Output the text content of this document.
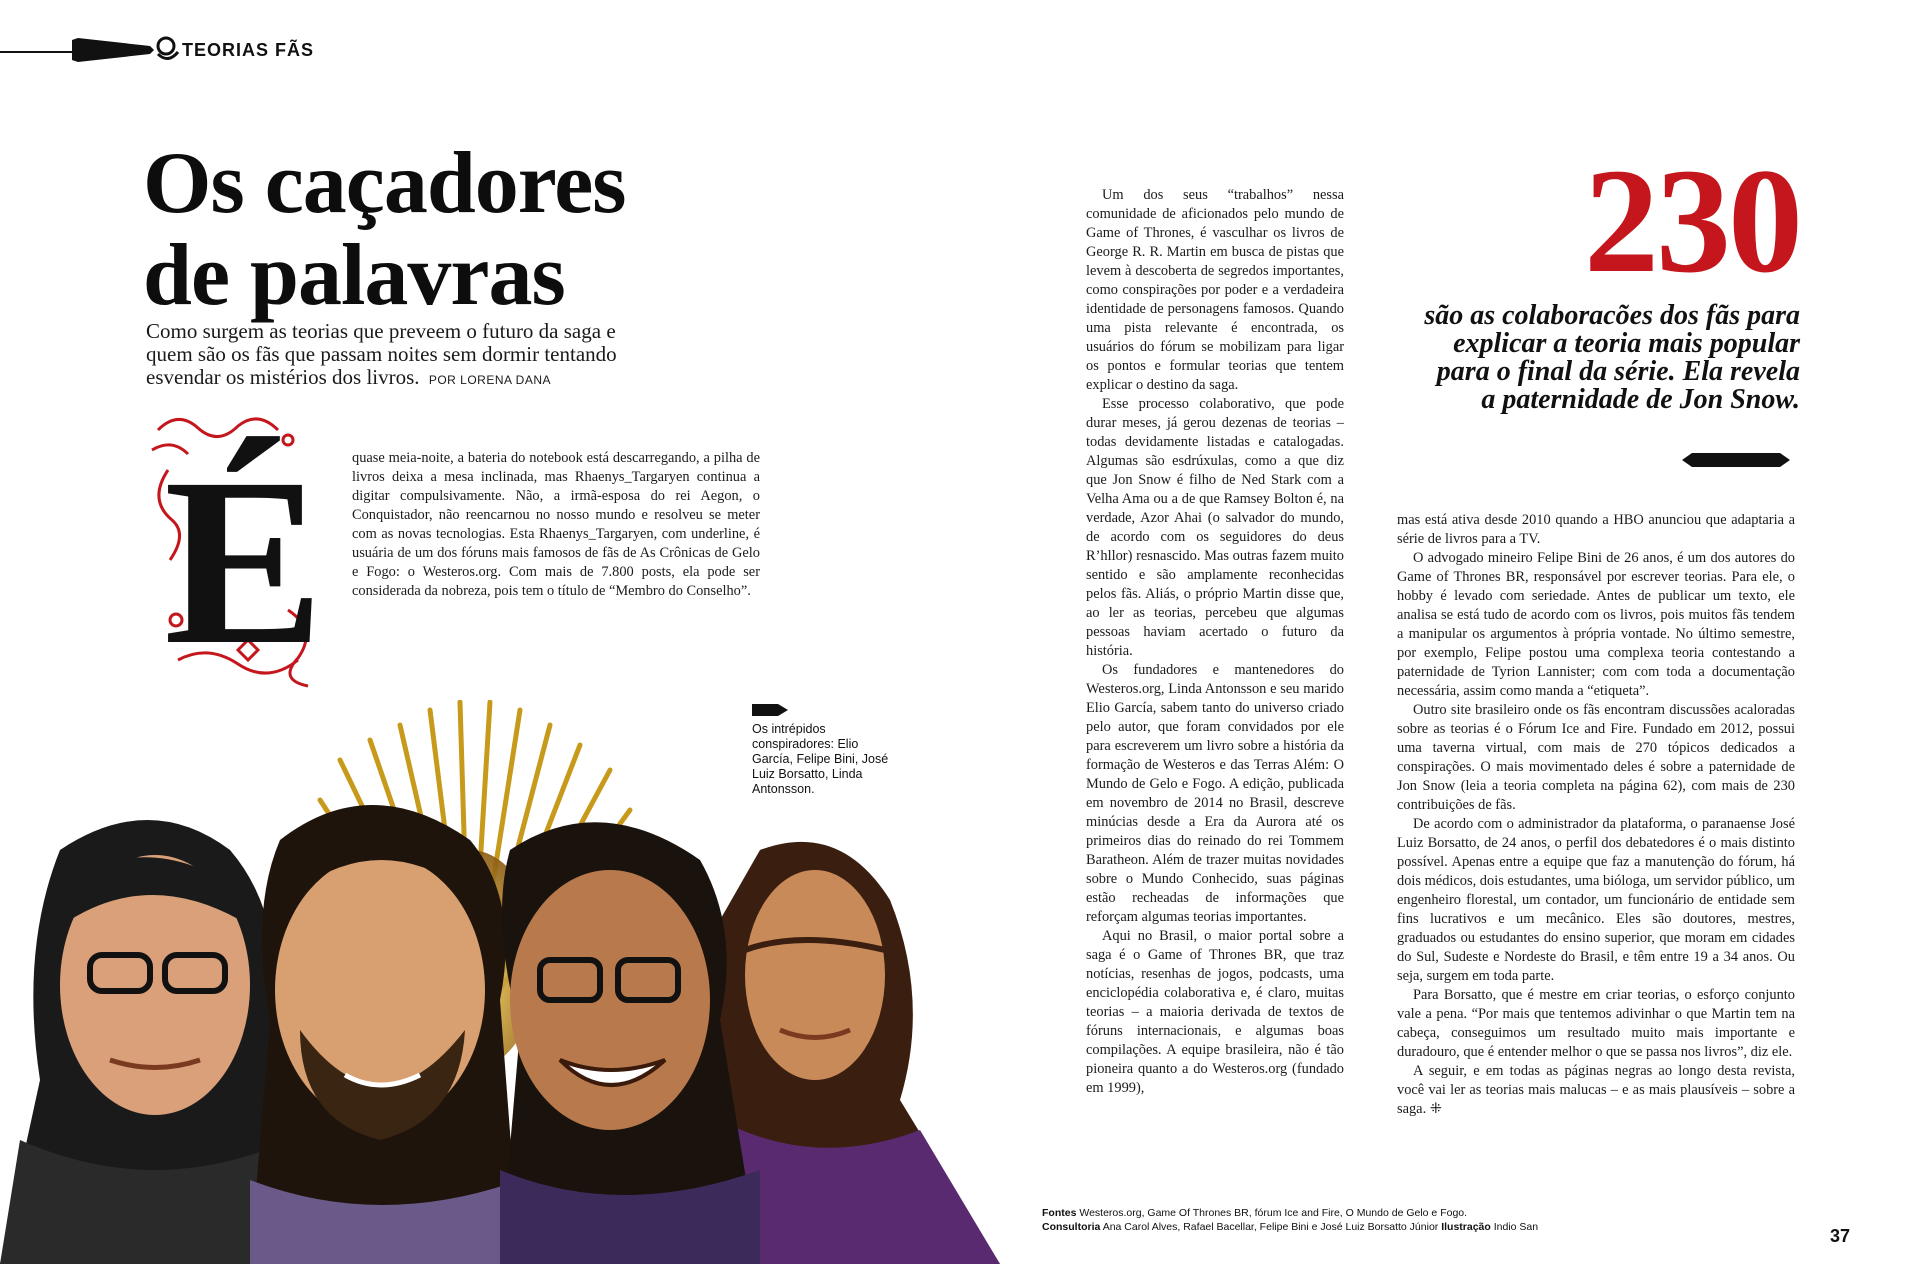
TEORIAS FÃS
Os caçadores
de palavras
Como surgem as teorias que preveem o futuro da saga e quem são os fãs que passam noites sem dormir tentando esvendar os mistérios dos livros. POR LORENA DANA
É quase meia-noite, a bateria do notebook está descarregando, a pilha de livros deixa a mesa inclinada, mas Rhaenys_Targaryen continua a digitar compulsivamente. Não, a irmã-esposa do rei Aegon, o Conquistador, não reencarnou no nosso mundo e resolveu se meter com as novas tecnologias. Esta Rhaenys_Targaryen, com underline, é usuária de um dos fóruns mais famosos de fãs de As Crônicas de Gelo e Fogo: o Westeros.org. Com mais de 7.800 posts, ela pode ser considerada da nobreza, pois tem o título de “Membro do Conselho”.

Os intrépidos conspiradores: Elio García, Felipe Bini, José Luiz Borsatto, Linda Antonsson.

Um dos seus “trabalhos” nessa comunidade de aficionados pelo mundo de Game of Thrones, é vasculhar os livros de George R. R. Martin em busca de pistas que levem à descoberta de segredos importantes, como conspirações por poder e a verdadeira identidade de personagens famosos. Quando uma pista relevante é encontrada, os usuários do fórum se mobilizam para ligar os pontos e formular teorias que tentem explicar o destino da saga.

Esse processo colaborativo, que pode durar meses, já gerou dezenas de teorias – todas devidamente listadas e catalogadas. Algumas são esdrúxulas, como a que diz que Jon Snow é filho de Ned Stark com a Velha Ama ou a de que Ramsey Bolton é, na verdade, Azor Ahai (o salvador do mundo, de acordo com os seguidores do deus R’hllor) resnascido. Mas outras fazem muito sentido e são amplamente reconhecidas pelos fãs. Aliás, o próprio Martin disse que, ao ler as teorias, percebeu que algumas pessoas haviam acertado o futuro da história.

Os fundadores e mantenedores do Westeros.org, Linda Antonsson e seu marido Elio García, sabem tanto do universo criado pelo autor, que foram convidados por ele para escreverem um livro sobre a história da formação de Westeros e das Terras Além: O Mundo de Gelo e Fogo. A edição, publicada em novembro de 2014 no Brasil, descreve minúcias desde a Era da Aurora até os primeiros dias do reinado do rei Tommem Baratheon. Além de trazer muitas novidades sobre o Mundo Conhecido, suas páginas estão recheadas de informações que reforçam algumas teorias importantes.

Aqui no Brasil, o maior portal sobre a saga é o Game of Thrones BR, que traz notícias, resenhas de jogos, podcasts, uma enciclopédia colaborativa e, é claro, muitas teorias – a maioria derivada de textos de fóruns internacionais, e algumas boas compilações. A equipe brasileira, não é tão pioneira quanto a do Westeros.org (fundado em 1999),

230
são as colaboracões dos fãs para explicar a teoria mais popular para o final da série. Ela revela a paternidade de Jon Snow.

mas está ativa desde 2010 quando a HBO anunciou que adaptaria a série de livros para a TV.

O advogado mineiro Felipe Bini de 26 anos, é um dos autores do Game of Thrones BR, responsável por escrever teorias. Para ele, o hobby é levado com seriedade. Antes de publicar um texto, ele analisa se está tudo de acordo com os livros, pois muitos fãs tendem a manipular os argumentos à própria vontade. No último semestre, por exemplo, Felipe postou uma complexa teoria contestando a paternidade de Tyrion Lannister; com com toda a documentação necessária, assim como manda a “etiqueta”.

Outro site brasileiro onde os fãs encontram discussões acaloradas sobre as teorias é o Fórum Ice and Fire. Fundado em 2012, possui uma taverna virtual, com mais de 270 tópicos dedicados a conspirações. O mais movimentado deles é sobre a paternidade de Jon Snow (leia a teoria completa na página 62), com mais de 230 contribuições de fãs.

De acordo com o administrador da plataforma, o paranaense José Luiz Borsatto, de 24 anos, o perfil dos debatedores é o mais distinto possível. Apenas entre a equipe que faz a manutenção do fórum, há dois médicos, dois estudantes, uma bióloga, um servidor público, um engenheiro florestal, um contador, um funcionário de entidade sem fins lucrativos e um mecânico. Eles são doutores, mestres, graduados ou estudantes do ensino superior, que moram em cidades do Sul, Sudeste e Nordeste do Brasil, e têm entre 19 a 34 anos. Ou seja, surgem em toda parte.

Para Borsatto, que é mestre em criar teorias, o esforço conjunto vale a pena. “Por mais que tentemos adivinhar o que Martin tem na cabeça, conseguimos um resultado muito mais importante e duradouro, que é entender melhor o que se passa nos livros”, diz ele.

A seguir, e em todas as páginas negras ao longo desta revista, você vai ler as teorias mais malucas – e as mais plausíveis – sobre a saga. ⁜

Fontes Westeros.org, Game Of Thrones BR, fórum Ice and Fire, O Mundo de Gelo e Fogo.
Consultoria Ana Carol Alves, Rafael Bacellar, Felipe Bini e José Luiz Borsatto Júnior Ilustração Indio San	37
